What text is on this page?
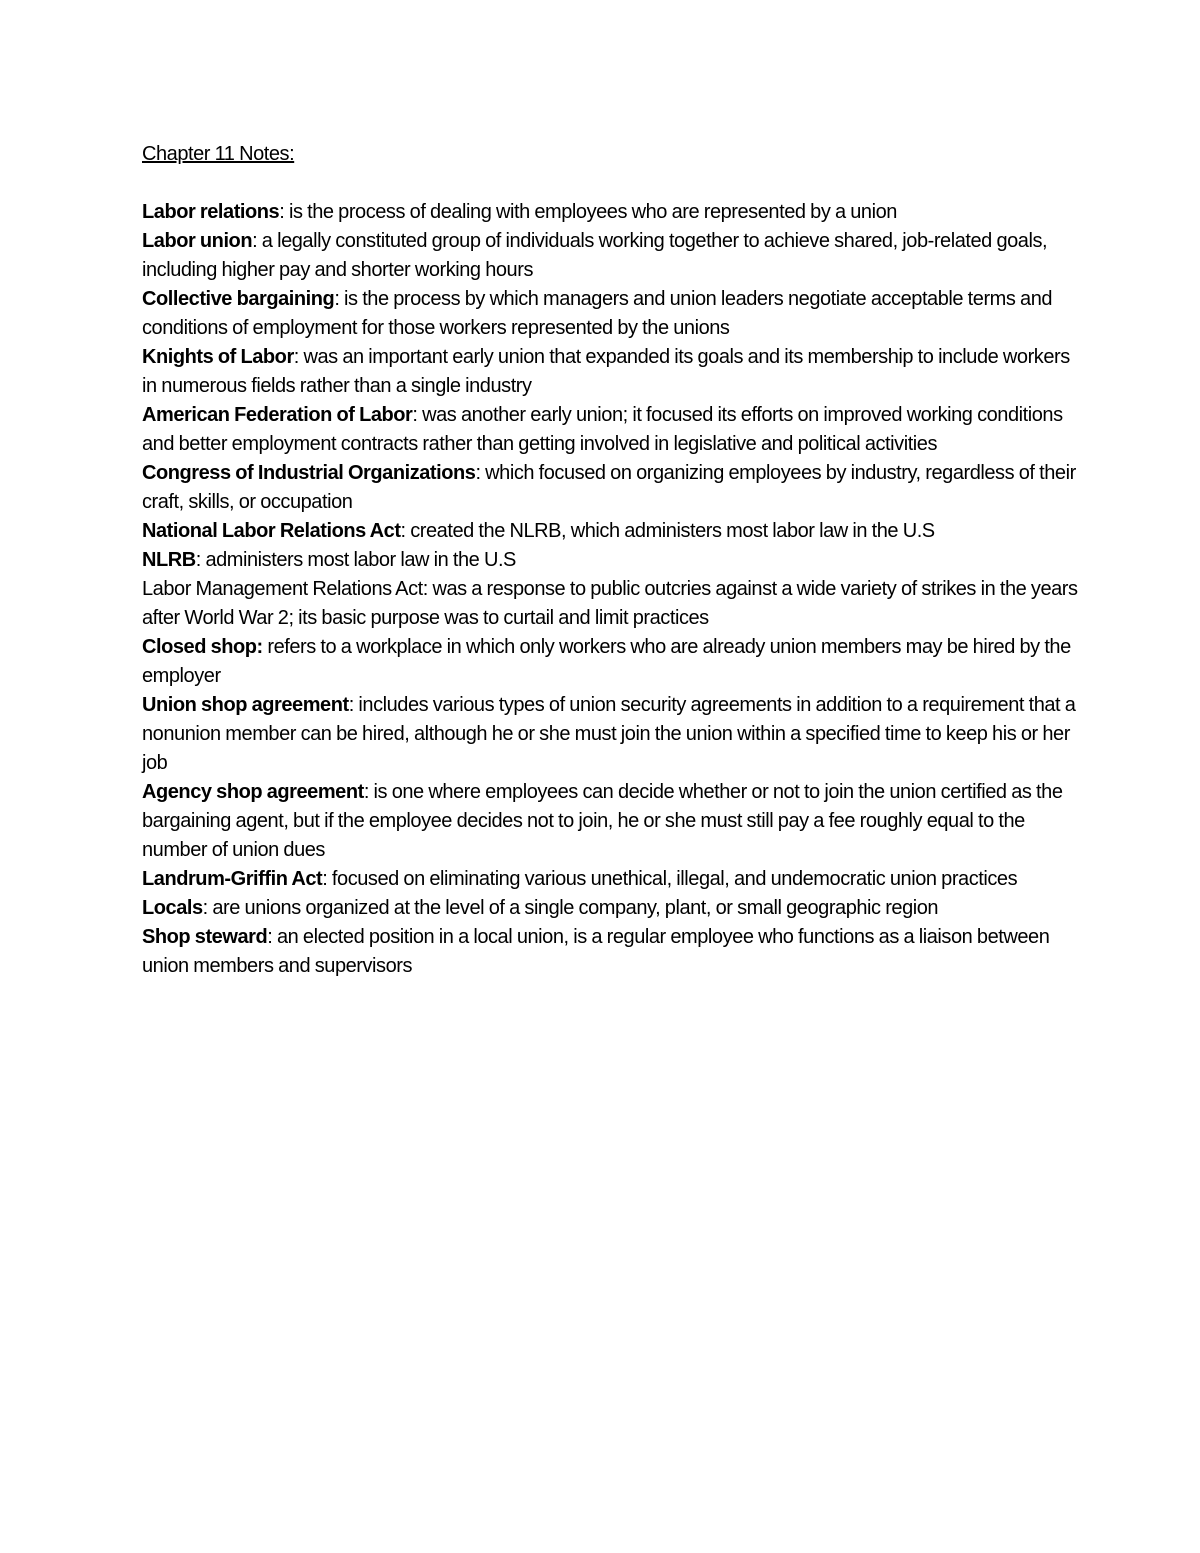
Chapter 11 Notes:

Labor relations: is the process of dealing with employees who are represented by a union

Labor union: a legally constituted group of individuals working together to achieve shared, job-related goals, including higher pay and shorter working hours

Collective bargaining: is the process by which managers and union leaders negotiate acceptable terms and conditions of employment for those workers represented by the unions

Knights of Labor: was an important early union that expanded its goals and its membership to include workers in numerous fields rather than a single industry

American Federation of Labor: was another early union; it focused its efforts on improved working conditions and better employment contracts rather than getting involved in legislative and political activities

Congress of Industrial Organizations: which focused on organizing employees by industry, regardless of their craft, skills, or occupation

National Labor Relations Act: created the NLRB, which administers most labor law in the U.S

NLRB: administers most labor law in the U.S

Labor Management Relations Act: was a response to public outcries against a wide variety of strikes in the years after World War 2; its basic purpose was to curtail and limit practices

Closed shop: refers to a workplace in which only workers who are already union members may be hired by the employer

Union shop agreement: includes various types of union security agreements in addition to a requirement that a nonunion member can be hired, although he or she must join the union within a specified time to keep his or her job

Agency shop agreement: is one where employees can decide whether or not to join the union certified as the bargaining agent, but if the employee decides not to join, he or she must still pay a fee roughly equal to the number of union dues

Landrum-Griffin Act: focused on eliminating various unethical, illegal, and undemocratic union practices

Locals: are unions organized at the level of a single company, plant, or small geographic region

Shop steward: an elected position in a local union, is a regular employee who functions as a liaison between union members and supervisors
